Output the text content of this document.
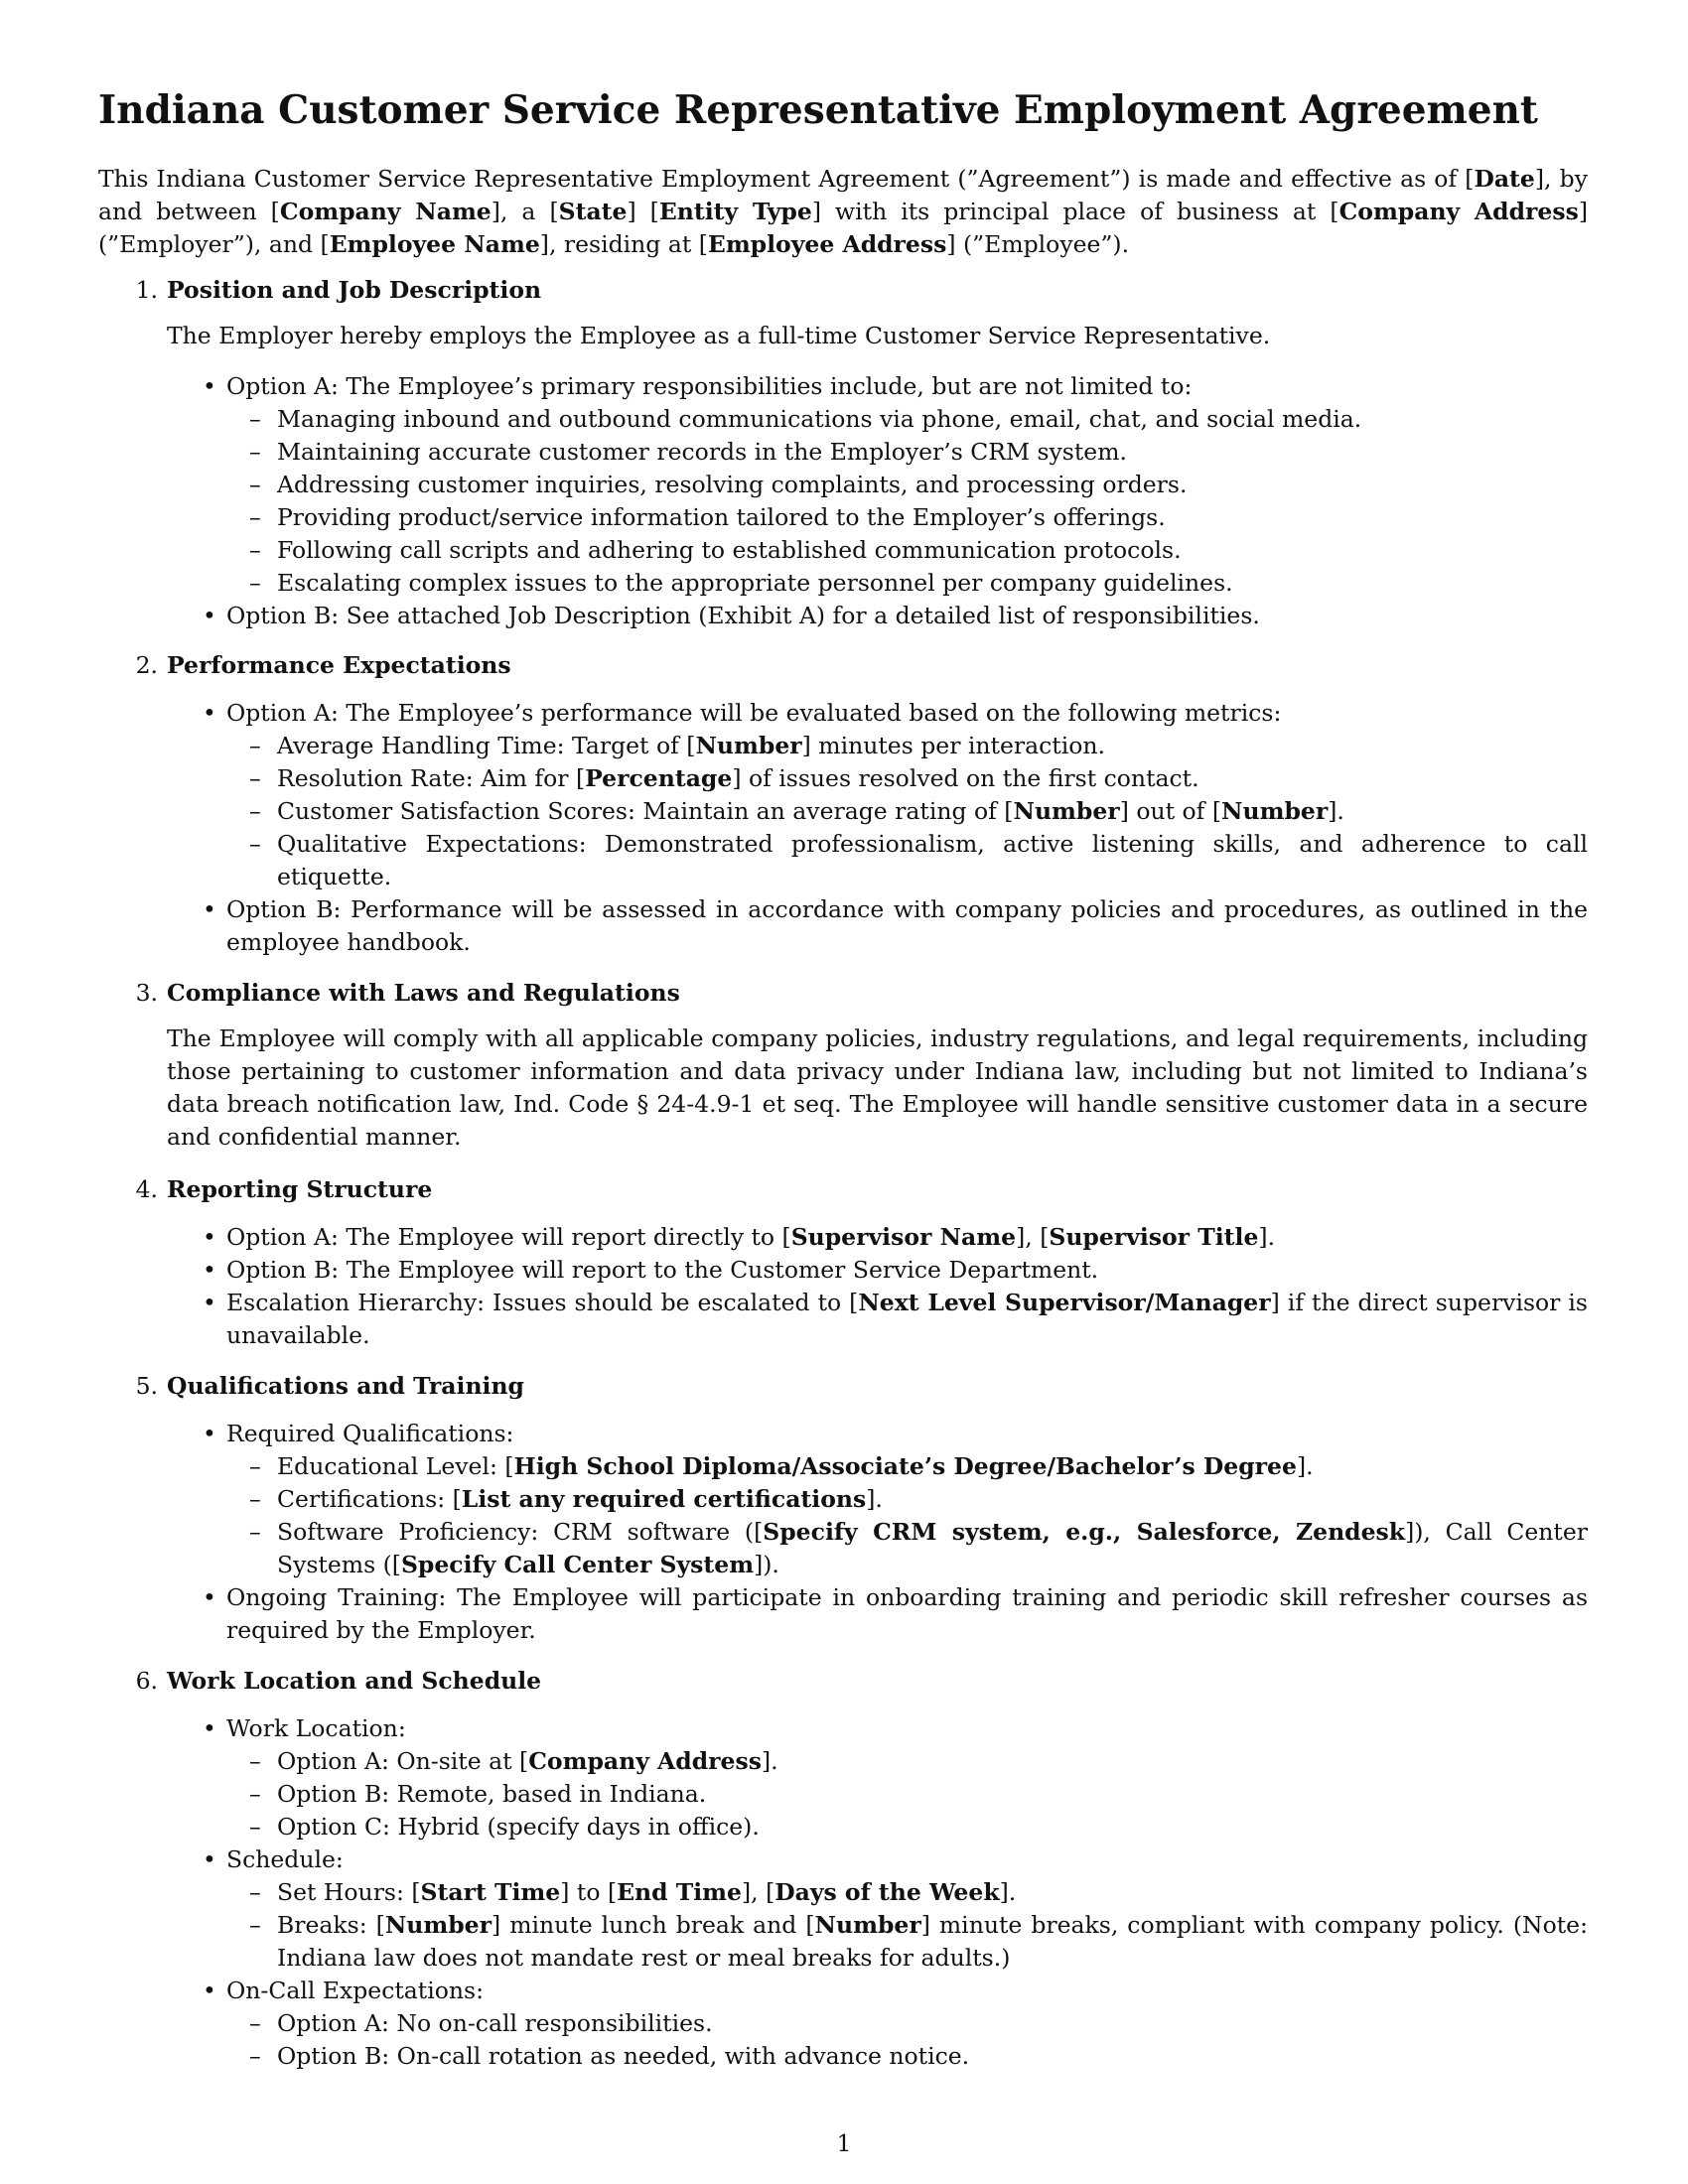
Indiana Customer Service Representative Employment Agreement
This Indiana Customer Service Representative Employment Agreement (”Agreement”) is made and effective as of [Date], by and between [Company Name], a [State] [Entity Type] with its principal place of business at [Company Address] (”Employer”), and [Employee Name], residing at [Employee Address] (”Employee”).
1. Position and Job Description
The Employer hereby employs the Employee as a full-time Customer Service Representative.
• Option A: The Employee’s primary responsibilities include, but are not limited to:
– Managing inbound and outbound communications via phone, email, chat, and social media.
– Maintaining accurate customer records in the Employer’s CRM system.
– Addressing customer inquiries, resolving complaints, and processing orders.
– Providing product/service information tailored to the Employer’s offerings.
– Following call scripts and adhering to established communication protocols.
– Escalating complex issues to the appropriate personnel per company guidelines.
• Option B: See attached Job Description (Exhibit A) for a detailed list of responsibilities.
2. Performance Expectations
• Option A: The Employee’s performance will be evaluated based on the following metrics:
– Average Handling Time: Target of [Number] minutes per interaction.
– Resolution Rate: Aim for [Percentage] of issues resolved on the first contact.
– Customer Satisfaction Scores: Maintain an average rating of [Number] out of [Number].
– Qualitative Expectations: Demonstrated professionalism, active listening skills, and adherence to call etiquette.
• Option B: Performance will be assessed in accordance with company policies and procedures, as outlined in the employee handbook.
3. Compliance with Laws and Regulations
The Employee will comply with all applicable company policies, industry regulations, and legal requirements, including those pertaining to customer information and data privacy under Indiana law, including but not limited to Indiana’s data breach notification law, Ind. Code § 24-4.9-1 et seq. The Employee will handle sensitive customer data in a secure and confidential manner.
4. Reporting Structure
• Option A: The Employee will report directly to [Supervisor Name], [Supervisor Title].
• Option B: The Employee will report to the Customer Service Department.
• Escalation Hierarchy: Issues should be escalated to [Next Level Supervisor/Manager] if the direct supervisor is unavailable.
5. Qualifications and Training
• Required Qualifications:
– Educational Level: [High School Diploma/Associate’s Degree/Bachelor’s Degree].
– Certifications: [List any required certifications].
– Software Proficiency: CRM software ([Specify CRM system, e.g., Salesforce, Zendesk]), Call Center Systems ([Specify Call Center System]).
• Ongoing Training: The Employee will participate in onboarding training and periodic skill refresher courses as required by the Employer.
6. Work Location and Schedule
• Work Location:
– Option A: On-site at [Company Address].
– Option B: Remote, based in Indiana.
– Option C: Hybrid (specify days in office).
• Schedule:
– Set Hours: [Start Time] to [End Time], [Days of the Week].
– Breaks: [Number] minute lunch break and [Number] minute breaks, compliant with company policy. (Note: Indiana law does not mandate rest or meal breaks for adults.)
• On-Call Expectations:
– Option A: No on-call responsibilities.
– Option B: On-call rotation as needed, with advance notice.
1
